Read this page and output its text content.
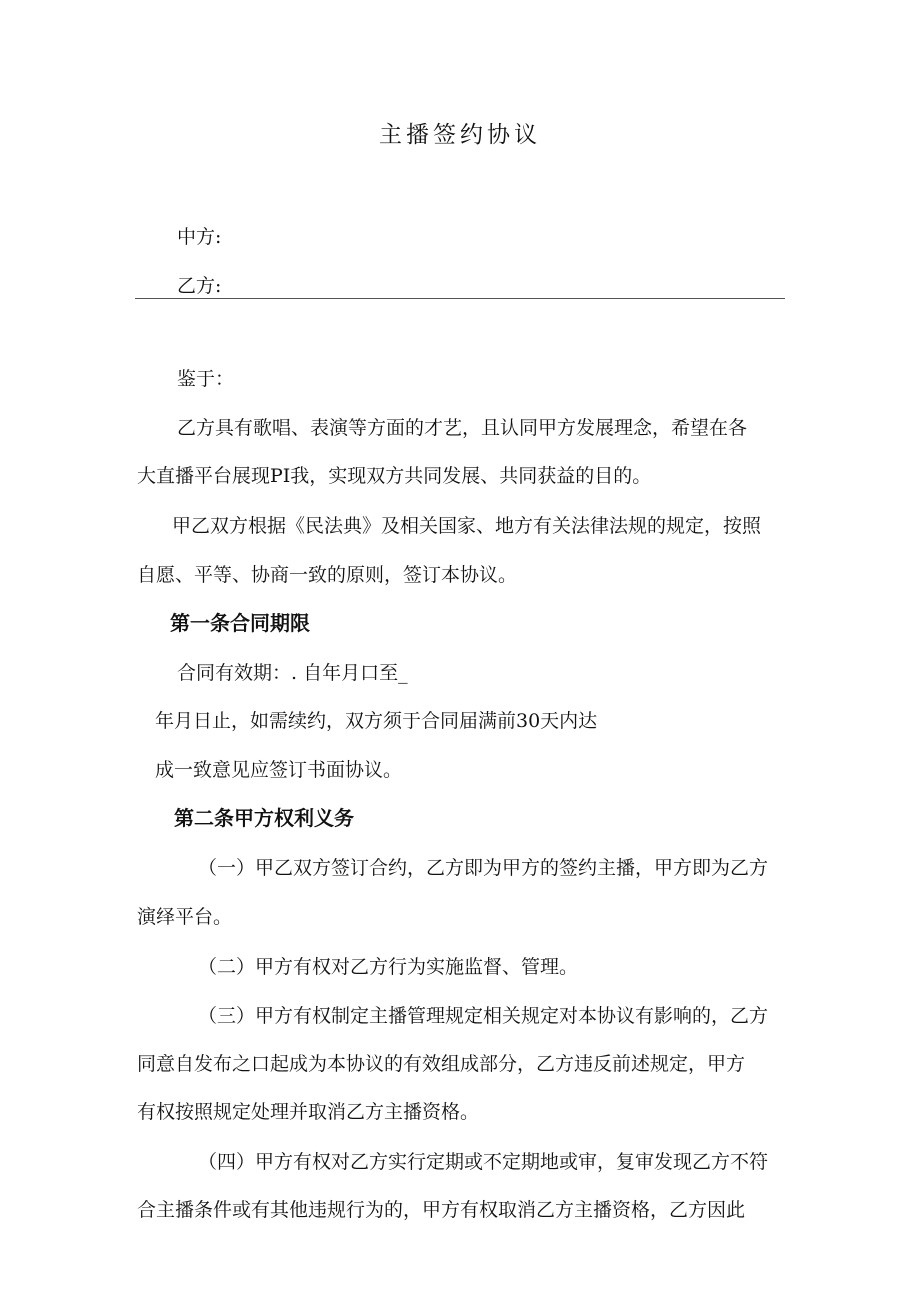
主播签约协议
中方:
乙方:
鉴于：
乙方具有歌唱、表演等方面的才艺，且认同甲方发展理念，希望在各
大直播平台展现PI我，实现双方共同发展、共同获益的目的。
甲乙双方根据《民法典》及相关国家、地方有关法律法规的规定，按照
自愿、平等、协商一致的原则，签订本协议。
第一条合同期限
合同有效期：. 自年月口至_
年月日止，如需续约，双方须于合同届满前30天内达
成一致意见应签订书面协议。
第二条甲方权利义务
（一）甲乙双方签订合约，乙方即为甲方的签约主播，甲方即为乙方
演绎平台。
（二）甲方有权对乙方行为实施监督、管理。
（三）甲方有权制定主播管理规定相关规定对本协议有影响的，乙方
同意自发布之口起成为本协议的有效组成部分，乙方违反前述规定，甲方
有权按照规定处理并取消乙方主播资格。
（四）甲方有权对乙方实行定期或不定期地或审，复审发现乙方不符
合主播条件或有其他违规行为的，甲方有权取消乙方主播资格，乙方因此
